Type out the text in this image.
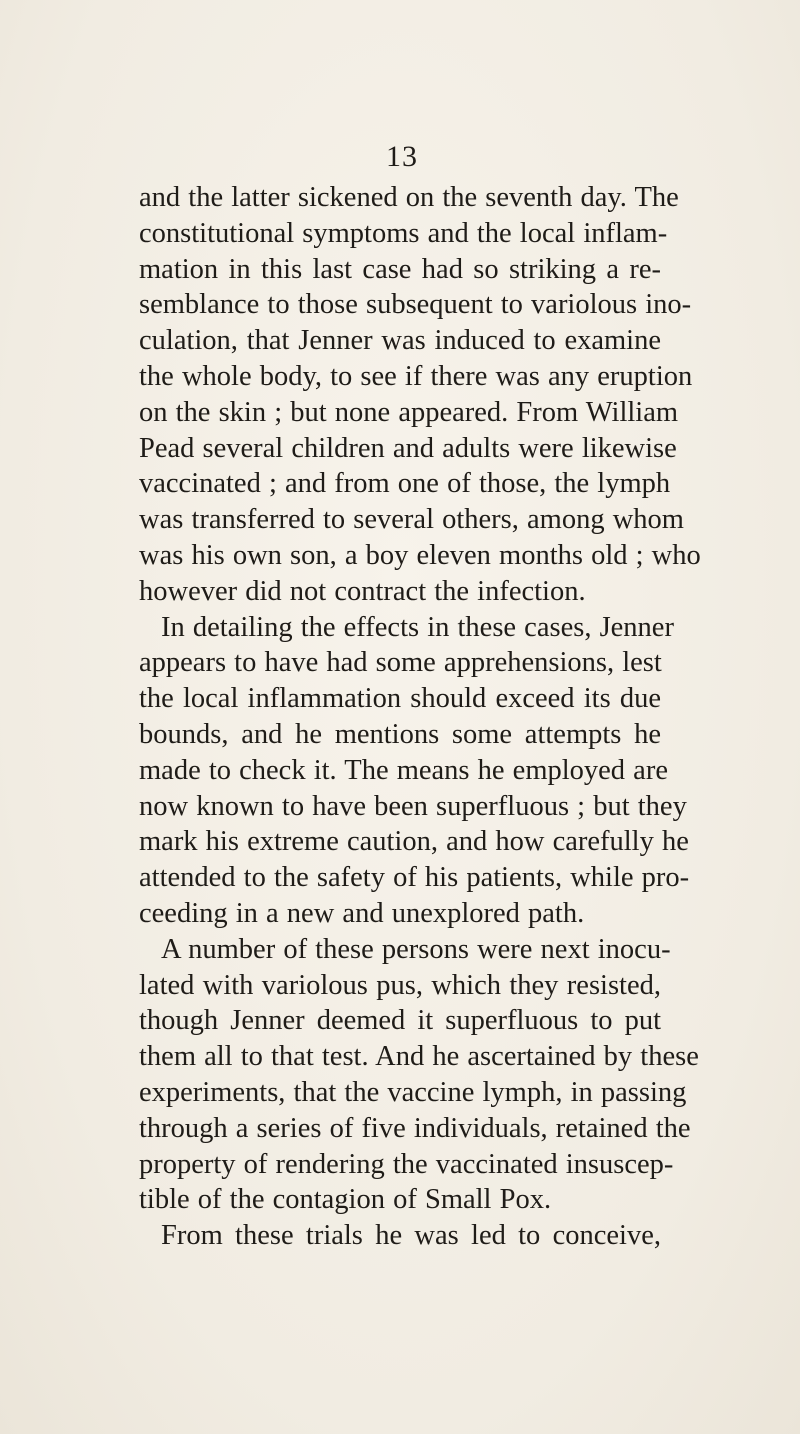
13
and the latter sickened on the seventh day. The
constitutional symptoms and the local inflam-
mation in this last case had so striking a re-
semblance to those subsequent to variolous ino-
culation, that Jenner was induced to examine
the whole body, to see if there was any eruption
on the skin ; but none appeared. From William
Pead several children and adults were likewise
vaccinated ; and from one of those, the lymph
was transferred to several others, among whom
was his own son, a boy eleven months old ; who
however did not contract the infection.
In detailing the effects in these cases, Jenner
appears to have had some apprehensions, lest
the local inflammation should exceed its due
bounds, and he mentions some attempts he
made to check it. The means he employed are
now known to have been superfluous ; but they
mark his extreme caution, and how carefully he
attended to the safety of his patients, while pro-
ceeding in a new and unexplored path.
A number of these persons were next inocu-
lated with variolous pus, which they resisted,
though Jenner deemed it superfluous to put
them all to that test. And he ascertained by these
experiments, that the vaccine lymph, in passing
through a series of five individuals, retained the
property of rendering the vaccinated insuscep-
tible of the contagion of Small Pox.
From these trials he was led to conceive,
